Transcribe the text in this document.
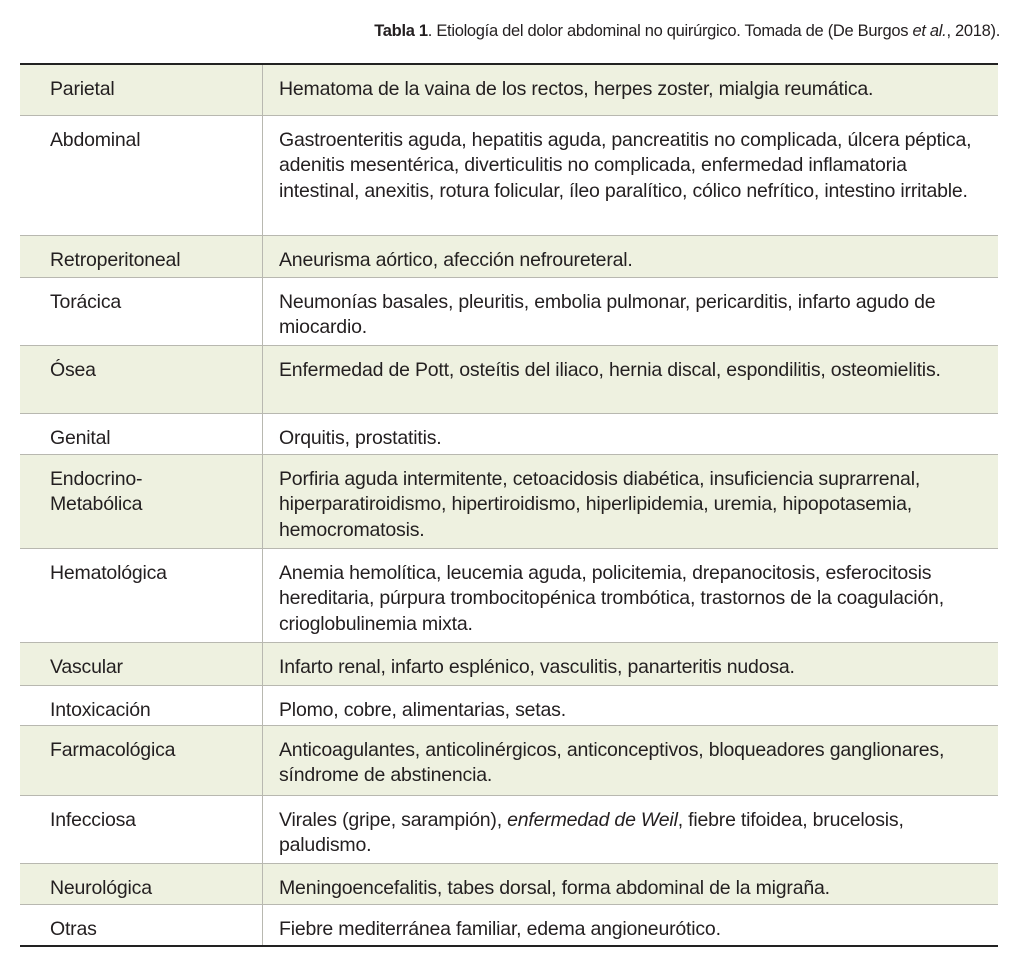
Tabla 1. Etiología del dolor abdominal no quirúrgico. Tomada de (De Burgos et al., 2018).
Parietal	Hematoma de la vaina de los rectos, herpes zoster, mialgia reumática.
Abdominal	Gastroenteritis aguda, hepatitis aguda, pancreatitis no complicada, úlcera péptica, adenitis mesentérica, diverticulitis no complicada, enfermedad inflamatoria intestinal, anexitis, rotura folicular, íleo paralítico, cólico nefrítico, intestino irritable.
Retroperitoneal	Aneurisma aórtico, afección nefroureteral.
Torácica	Neumonías basales, pleuritis, embolia pulmonar, pericarditis, infarto agudo de miocardio.
Ósea	Enfermedad de Pott, osteítis del iliaco, hernia discal, espondilitis, osteomielitis.
Genital	Orquitis, prostatitis.
Endocrino-
Metabólica	Porfiria aguda intermitente, cetoacidosis diabética, insuficiencia suprarrenal, hiperparatiroidismo, hipertiroidismo, hiperlipidemia, uremia, hipopotasemia, hemocromatosis.
Hematológica	Anemia hemolítica, leucemia aguda, policitemia, drepanocitosis, esferocitosis hereditaria, púrpura trombocitopénica trombótica, trastornos de la coagulación, crioglobulinemia mixta.
Vascular	Infarto renal, infarto esplénico, vasculitis, panarteritis nudosa.
Intoxicación	Plomo, cobre, alimentarias, setas.
Farmacológica	Anticoagulantes, anticolinérgicos, anticonceptivos, bloqueadores ganglionares, síndrome de abstinencia.
Infecciosa	Virales (gripe, sarampión), enfermedad de Weil, fiebre tifoidea, brucelosis, paludismo.
Neurológica	Meningoencefalitis, tabes dorsal, forma abdominal de la migraña.
Otras	Fiebre mediterránea familiar, edema angioneurótico.
